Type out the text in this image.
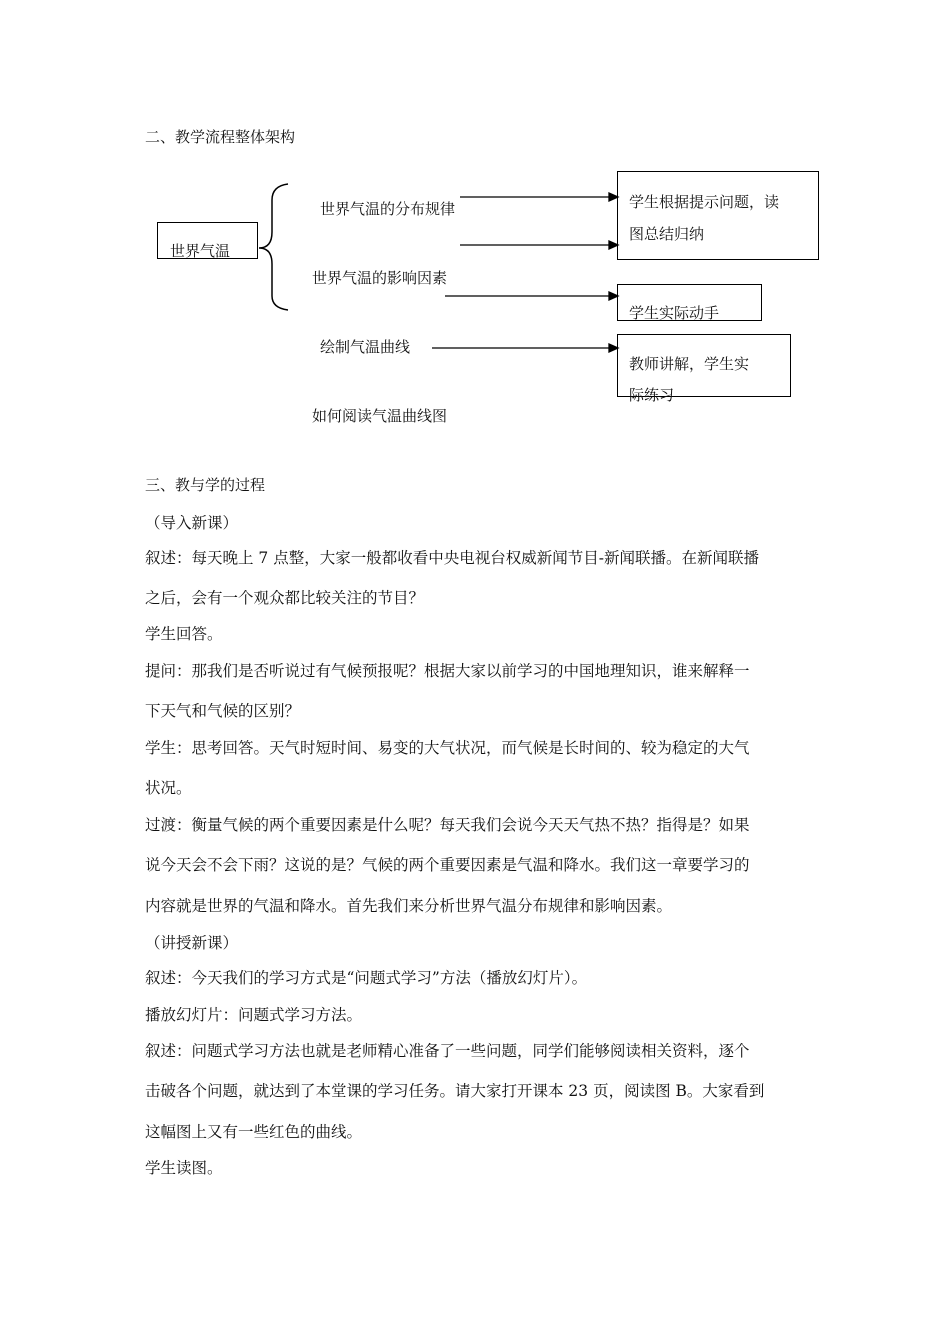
二、教学流程整体架构
世界气温
世界气温的分布规律
世界气温的影响因素
绘制气温曲线
如何阅读气温曲线图
学生根据提示问题，读
图总结归纳
学生实际动手
教师讲解，学生实
际练习
三、教与学的过程
（导入新课）
叙述：每天晚上 7 点整，大家一般都收看中央电视台权威新闻节目-新闻联播。在新闻联播
之后，会有一个观众都比较关注的节目？
学生回答。
提问：那我们是否听说过有气候预报呢？根据大家以前学习的中国地理知识，谁来解释一
下天气和气候的区别？
学生：思考回答。天气时短时间、易变的大气状况，而气候是长时间的、较为稳定的大气
状况。
过渡：衡量气候的两个重要因素是什么呢？每天我们会说今天天气热不热？指得是？如果
说今天会不会下雨？这说的是？气候的两个重要因素是气温和降水。我们这一章要学习的
内容就是世界的气温和降水。首先我们来分析世界气温分布规律和影响因素。
（讲授新课）
叙述：今天我们的学习方式是“问题式学习”方法（播放幻灯片）。
播放幻灯片：问题式学习方法。
叙述：问题式学习方法也就是老师精心准备了一些问题，同学们能够阅读相关资料，逐个
击破各个问题，就达到了本堂课的学习任务。请大家打开课本 23 页，阅读图 B。大家看到
这幅图上又有一些红色的曲线。
学生读图。
